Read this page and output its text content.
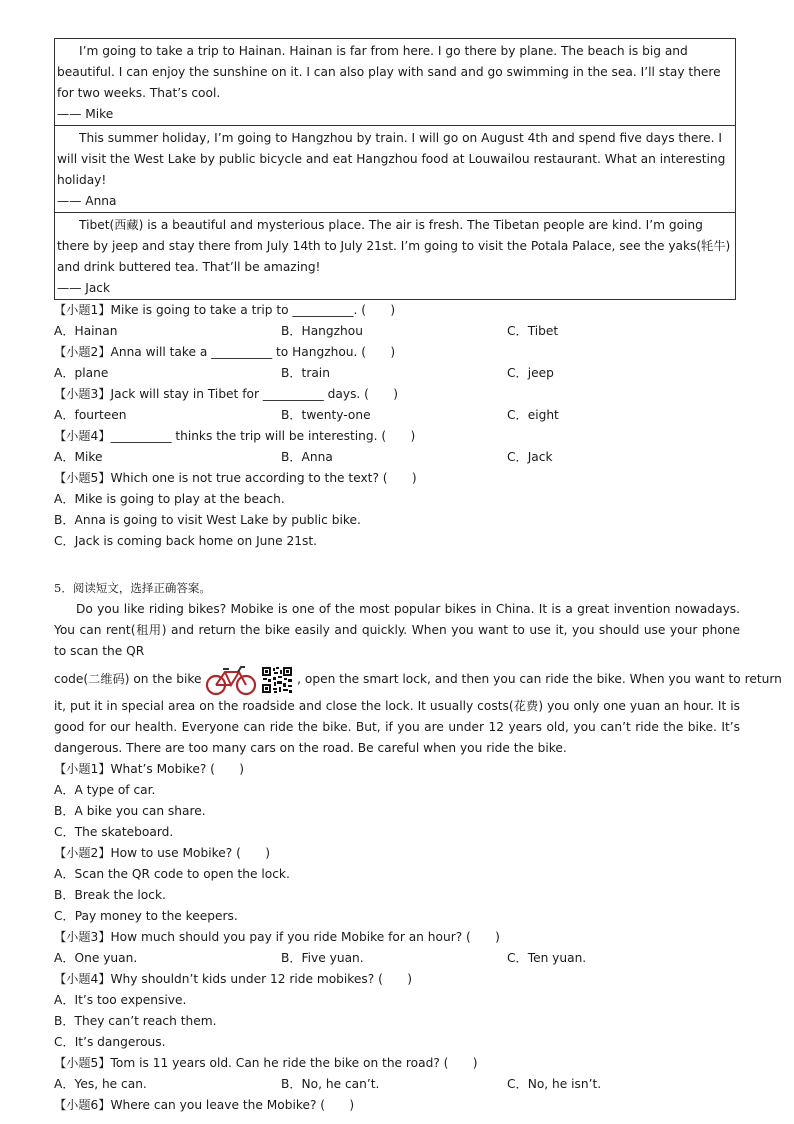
I’m going to take a trip to Hainan. Hainan is far from here. I go there by plane. The beach is big and beautiful. I can enjoy the sunshine on it. I can also play with sand and go swimming in the sea. I’ll stay there for two weeks. That’s cool.
—— Mike
This summer holiday, I’m going to Hangzhou by train. I will go on August 4th and spend five days there. I will visit the West Lake by public bicycle and eat Hangzhou food at Louwailou restaurant. What an interesting holiday!
—— Anna
Tibet(西藏) is a beautiful and mysterious place. The air is fresh. The Tibetan people are kind. I’m going there by jeep and stay there from July 14th to July 21st. I’m going to visit the Potala Palace, see the yaks(牦牛) and drink buttered tea. That’ll be amazing!
—— Jack
【小题1】Mike is going to take a trip to __________. (　　)
A．Hainan	B．Hangzhou	C．Tibet
【小题2】Anna will take a __________ to Hangzhou. (　　)
A．plane	B．train	C．jeep
【小题3】Jack will stay in Tibet for __________ days. (　　)
A．fourteen	B．twenty-one	C．eight
【小题4】__________ thinks the trip will be interesting. (　　)
A．Mike	B．Anna	C．Jack
【小题5】Which one is not true according to the text? (　　)
A．Mike is going to play at the beach.
B．Anna is going to visit West Lake by public bike.
C．Jack is coming back home on June 21st.
5．阅读短文，选择正确答案。

Do you like riding bikes? Mobike is one of the most popular bikes in China. It is a great invention nowadays. You can rent(租用) and return the bike easily and quickly. When you want to use it, you should use your phone to scan the QR

code(二维码) on the bike	, open the smart lock, and then you can ride the bike. When you want to return

it, put it in special area on the roadside and close the lock. It usually costs(花费) you only one yuan an hour. It is good for our health. Everyone can ride the bike. But, if you are under 12 years old, you can’t ride the bike. It’s dangerous. There are too many cars on the road. Be careful when you ride the bike.

【小题1】What’s Mobike? (　　)
A．A type of car.
B．A bike you can share.
C．The skateboard.
【小题2】How to use Mobike? (　　)
A．Scan the QR code to open the lock.
B．Break the lock.
C．Pay money to the keepers.
【小题3】How much should you pay if you ride Mobike for an hour? (　　)
A．One yuan.	B．Five yuan.	C．Ten yuan.
【小题4】Why shouldn’t kids under 12 ride mobikes? (　　)
A．It’s too expensive.
B．They can’t reach them.
C．It’s dangerous.
【小题5】Tom is 11 years old. Can he ride the bike on the road? (　　)
A．Yes, he can.	B．No, he can’t.	C．No, he isn’t.
【小题6】Where can you leave the Mobike? (　　)
